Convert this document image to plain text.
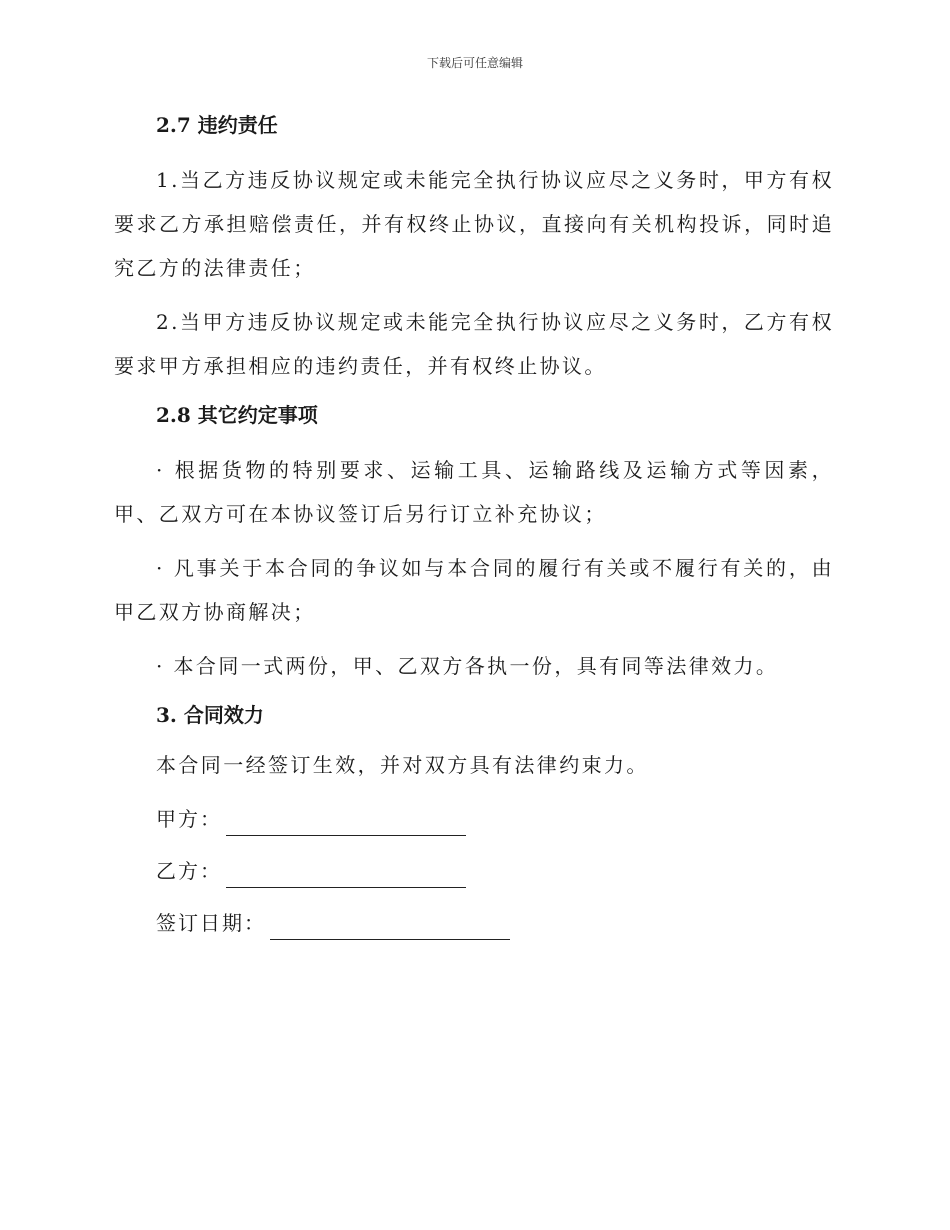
下载后可任意编辑
2.7 违约责任

1.当乙方违反协议规定或未能完全执行协议应尽之义务时，甲方有权要求乙方承担赔偿责任，并有权终止协议，直接向有关机构投诉，同时追究乙方的法律责任；

2.当甲方违反协议规定或未能完全执行协议应尽之义务时，乙方有权要求甲方承担相应的违约责任，并有权终止协议。

2.8 其它约定事项

· 根据货物的特别要求、运输工具、运输路线及运输方式等因素，甲、乙双方可在本协议签订后另行订立补充协议；

· 凡事关于本合同的争议如与本合同的履行有关或不履行有关的，由甲乙双方协商解决；

· 本合同一式两份，甲、乙双方各执一份，具有同等法律效力。

3. 合同效力
本合同一经签订生效，并对双方具有法律约束力。
甲方：
乙方：
签订日期：
